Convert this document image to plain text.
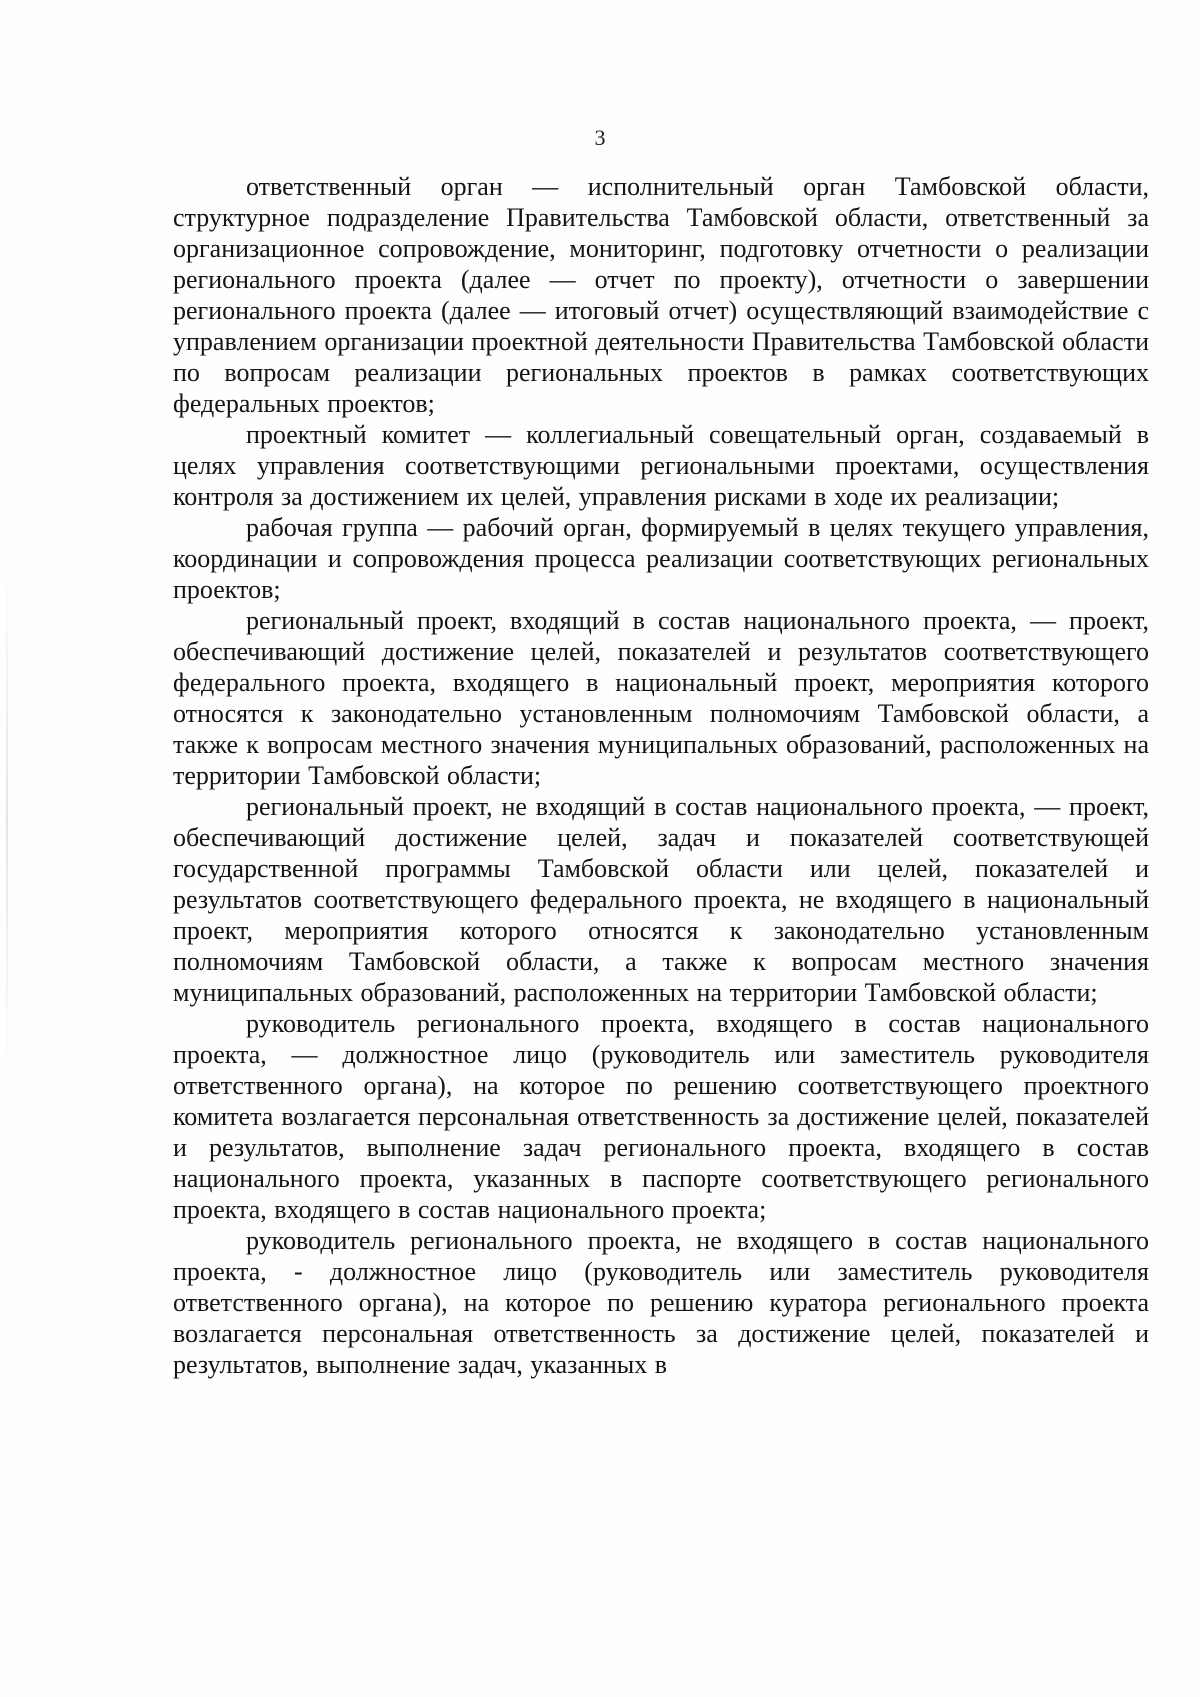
3

ответственный орган — исполнительный орган Тамбовской области, структурное подразделение Правительства Тамбовской области, ответственный за организационное сопровождение, мониторинг, подготовку отчетности о реализации регионального проекта (далее — отчет по проекту), отчетности о завершении регионального проекта (далее — итоговый отчет) осуществляющий взаимодействие с управлением организации проектной деятельности Правительства Тамбовской области по вопросам реализации региональных проектов в рамках соответствующих федеральных проектов;

проектный комитет — коллегиальный совещательный орган, создаваемый в целях управления соответствующими региональными проектами, осуществления контроля за достижением их целей, управления рисками в ходе их реализации;

рабочая группа — рабочий орган, формируемый в целях текущего управления, координации и сопровождения процесса реализации соответствующих региональных проектов;

региональный проект, входящий в состав национального проекта, — проект, обеспечивающий достижение целей, показателей и результатов соответствующего федерального проекта, входящего в национальный проект, мероприятия которого относятся к законодательно установленным полномочиям Тамбовской области, а также к вопросам местного значения муниципальных образований, расположенных на территории Тамбовской области;

региональный проект, не входящий в состав национального проекта, — проект, обеспечивающий достижение целей, задач и показателей соответствующей государственной программы Тамбовской области или целей, показателей и результатов соответствующего федерального проекта, не входящего в национальный проект, мероприятия которого относятся к законодательно установленным полномочиям Тамбовской области, а также к вопросам местного значения муниципальных образований, расположенных на территории Тамбовской области;

руководитель регионального проекта, входящего в состав национального проекта, — должностное лицо (руководитель или заместитель руководителя ответственного органа), на которое по решению соответствующего проектного комитета возлагается персональная ответственность за достижение целей, показателей и результатов, выполнение задач регионального проекта, входящего в состав национального проекта, указанных в паспорте соответствующего регионального проекта, входящего в состав национального проекта;

руководитель регионального проекта, не входящего в состав национального проекта, - должностное лицо (руководитель или заместитель руководителя ответственного органа), на которое по решению куратора регионального проекта возлагается персональная ответственность за достижение целей, показателей и результатов, выполнение задач, указанных в
